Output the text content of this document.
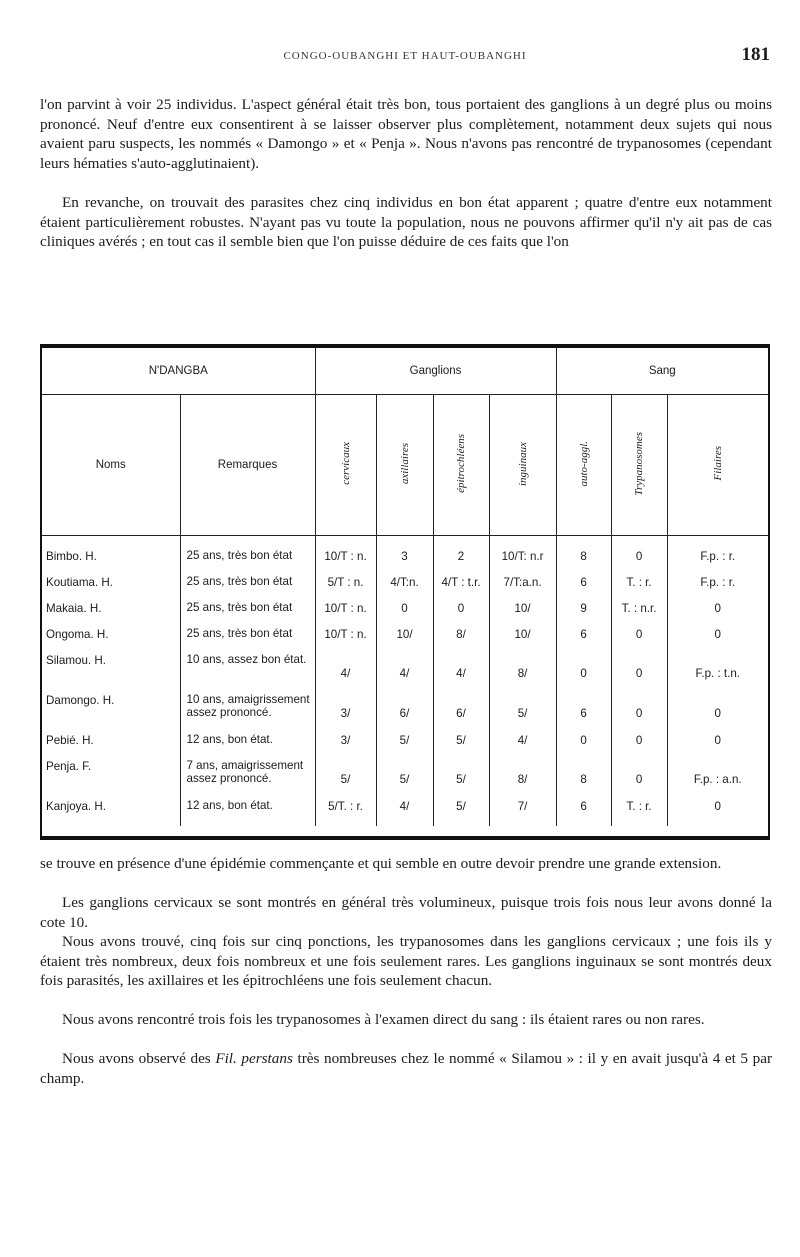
CONGO-OUBANGHI ET HAUT-OUBANGHI	181

l'on parvint à voir 25 individus. L'aspect général était très bon, tous portaient des ganglions à un degré plus ou moins prononcé. Neuf d'entre eux consentirent à se laisser observer plus complètement, notamment deux sujets qui nous avaient paru suspects, les nommés « Damongo » et « Penja ». Nous n'avons pas rencontré de trypanosomes (cependant leurs hématies s'auto-agglutinaient).

En revanche, on trouvait des parasites chez cinq individus en bon état apparent ; quatre d'entre eux notamment étaient particulièrement robustes. N'ayant pas vu toute la population, nous ne pouvons affirmer qu'il n'y ait pas de cas cliniques avérés ; en tout cas il semble bien que l'on puisse déduire de ces faits que l'on

N'DANGBA		Ganglions				Sang		
Noms	Remarques	cervicaux	axillaires	épitrochléens	inguinaux	auto-aggl.	Trypanosomes	Filaires
Bimbo. H.	25 ans, très bon état	10/T : n.	3	2	10/T: n.r	8	0	F.p. : r.
Koutiama. H.	25 ans, très bon état	5/T : n.	4/T:n.	4/T : t.r.	7/T:a.n.	6	T. : r.	F.p. : r.
Makaia. H.	25 ans, très bon état	10/T : n.	0	0	10/	9	T. : n.r.	0
Ongoma. H.	25 ans, très bon état	10/T : n.	10/	8/	10/	6	0	0
Silamou. H.	10 ans, assez bon état.	4/	4/	4/	8/	0	0	F.p. : t.n.
Damongo. H.	10 ans, amaigrissement assez prononcé.	3/	6/	6/	5/	6	0	0
Pebié. H.	12 ans, bon état.	3/	5/	5/	4/	0	0	0
Penja. F.	7 ans, amaigrissement assez prononcé.	5/	5/	5/	8/	8	0	F.p. : a.n.
Kanjoya. H.	12 ans, bon état.	5/T. : r.	4/	5/	7/	6	T. : r.	0

se trouve en présence d'une épidémie commençante et qui semble en outre devoir prendre une grande extension.

Les ganglions cervicaux se sont montrés en général très volumineux, puisque trois fois nous leur avons donné la cote 10.

Nous avons trouvé, cinq fois sur cinq ponctions, les trypanosomes dans les ganglions cervicaux ; une fois ils y étaient très nombreux, deux fois nombreux et une fois seulement rares. Les ganglions inguinaux se sont montrés deux fois parasités, les axillaires et les épitrochléens une fois seulement chacun.

Nous avons rencontré trois fois les trypanosomes à l'examen direct du sang : ils étaient rares ou non rares.

Nous avons observé des Fil. perstans très nombreuses chez le nommé « Silamou » : il y en avait jusqu'à 4 et 5 par champ.
